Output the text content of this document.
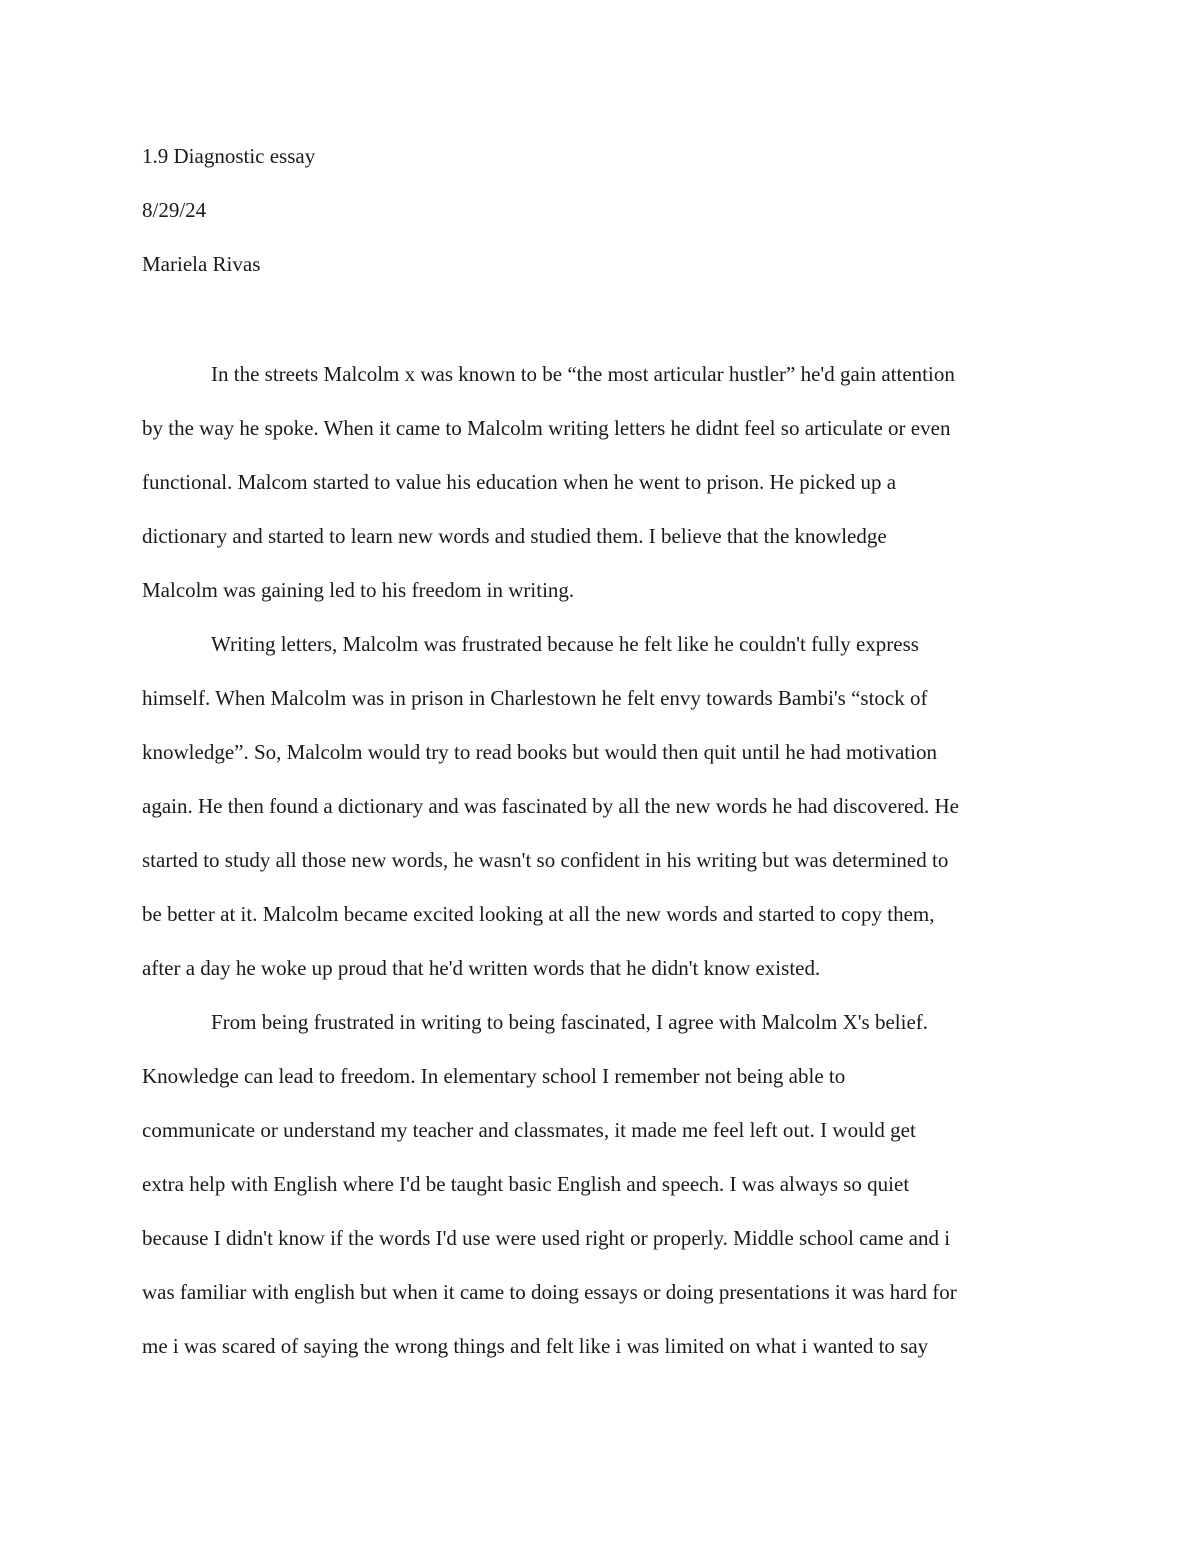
1.9 Diagnostic essay
8/29/24
Mariela Rivas
In the streets Malcolm x was known to be “the most articular hustler” he'd gain attention
by the way he spoke. When it came to Malcolm writing letters he didnt feel so articulate or even
functional. Malcom started to value his education when he went to prison. He picked up a
dictionary and started to learn new words and studied them. I believe that the knowledge
Malcolm was gaining led to his freedom in writing.
Writing letters, Malcolm was frustrated because he felt like he couldn't fully express
himself. When Malcolm was in prison in Charlestown he felt envy towards Bambi's “stock of
knowledge”. So, Malcolm would try to read books but would then quit until he had motivation
again. He then found a dictionary and was fascinated by all the new words he had discovered. He
started to study all those new words, he wasn't so confident in his writing but was determined to
be better at it. Malcolm became excited looking at all the new words and started to copy them,
after a day he woke up proud that he'd written words that he didn't know existed.
From being frustrated in writing to being fascinated, I agree with Malcolm X's belief.
Knowledge can lead to freedom. In elementary school I remember not being able to
communicate or understand my teacher and classmates, it made me feel left out. I would get
extra help with English where I'd be taught basic English and speech. I was always so quiet
because I didn't know if the words I'd use were used right or properly. Middle school came and i
was familiar with english but when it came to doing essays or doing presentations it was hard for
me i was scared of saying the wrong things and felt like i was limited on what i wanted to say
